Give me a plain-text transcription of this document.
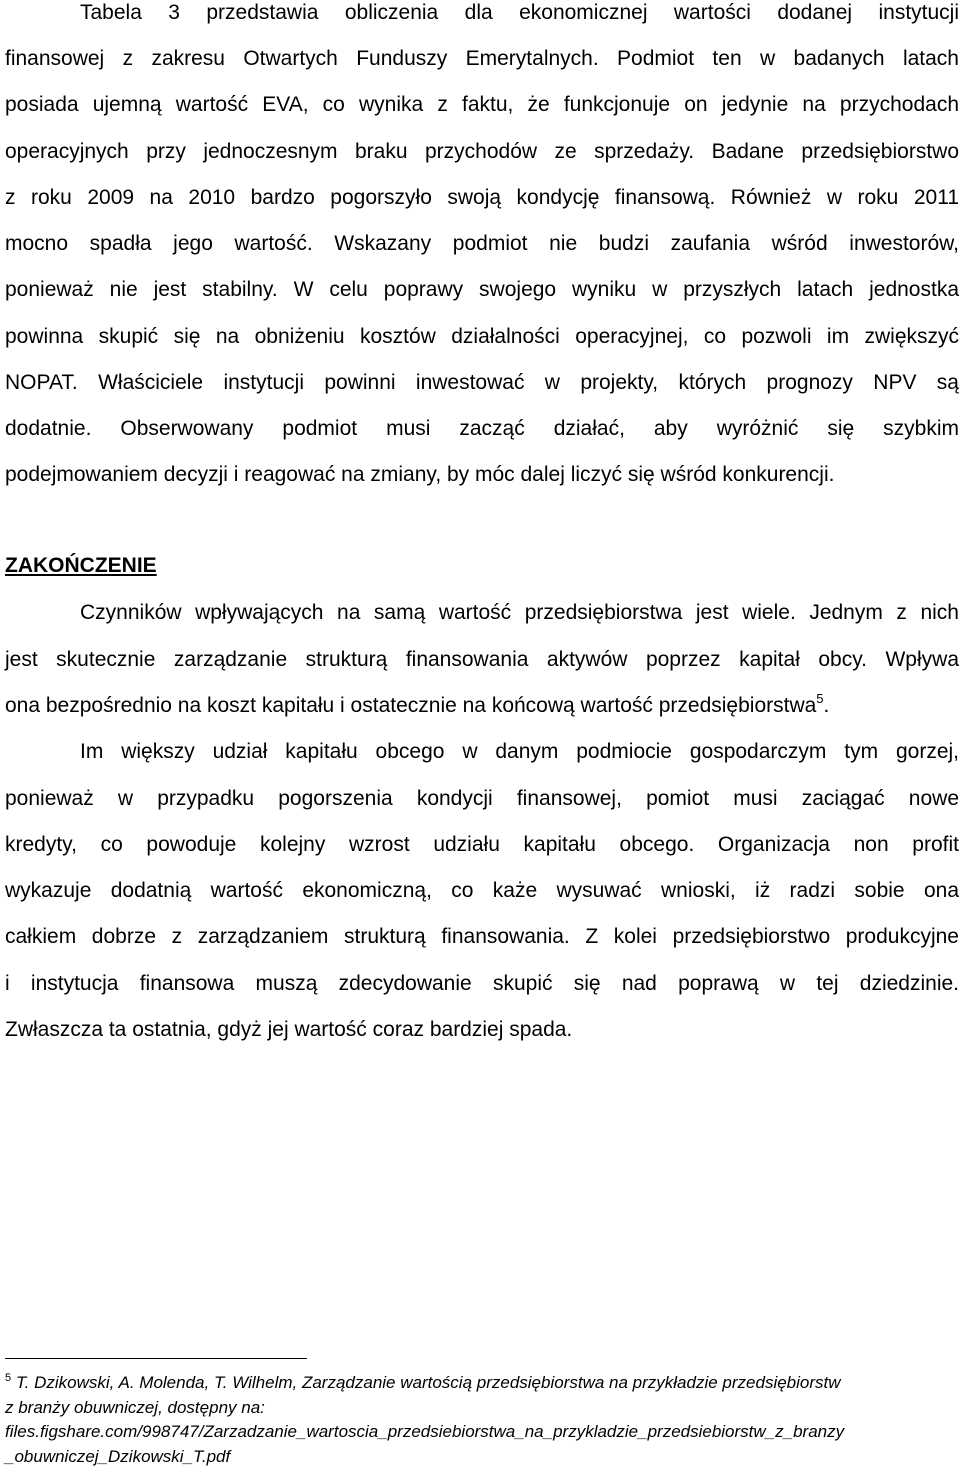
Tabela 3 przedstawia obliczenia dla ekonomicznej wartości dodanej instytucji
finansowej z zakresu Otwartych Funduszy Emerytalnych. Podmiot ten w badanych latach
posiada ujemną wartość EVA, co wynika z faktu, że funkcjonuje on jedynie na przychodach
operacyjnych przy jednoczesnym braku przychodów ze sprzedaży. Badane przedsiębiorstwo
z roku 2009 na 2010 bardzo pogorszyło swoją kondycję finansową. Również w roku 2011
mocno spadła jego wartość. Wskazany podmiot nie budzi zaufania wśród inwestorów,
ponieważ nie jest stabilny. W celu poprawy swojego wyniku w przyszłych latach jednostka
powinna skupić się na obniżeniu kosztów działalności operacyjnej, co pozwoli im zwiększyć
NOPAT. Właściciele instytucji powinni inwestować w projekty, których prognozy NPV są
dodatnie. Obserwowany podmiot musi zacząć działać, aby wyróżnić się szybkim
podejmowaniem decyzji i reagować na zmiany, by móc dalej liczyć się wśród konkurencji.
ZAKOŃCZENIE
Czynników wpływających na samą wartość przedsiębiorstwa jest wiele. Jednym z nich
jest skutecznie zarządzanie strukturą finansowania aktywów poprzez kapitał obcy. Wpływa
ona bezpośrednio na koszt kapitału i ostatecznie na końcową wartość przedsiębiorstwa$^5$.
Im większy udział kapitału obcego w danym podmiocie gospodarczym tym gorzej,
ponieważ w przypadku pogorszenia kondycji finansowej, pomiot musi zaciągać nowe
kredyty, co powoduje kolejny wzrost udziału kapitału obcego. Organizacja non profit
wykazuje dodatnią wartość ekonomiczną, co każe wysuwać wnioski, iż radzi sobie ona
całkiem dobrze z zarządzaniem strukturą finansowania. Z kolei przedsiębiorstwo produkcyjne
i instytucja finansowa muszą zdecydowanie skupić się nad poprawą w tej dziedzinie.
Zwłaszcza ta ostatnia, gdyż jej wartość coraz bardziej spada.
$^5$ T. Dzikowski, A. Molenda, T. Wilhelm, Zarządzanie wartością przedsiębiorstwa na przykładzie przedsiębiorstw
z branży obuwniczej, dostępny na:
files.figshare.com/998747/Zarzadzanie_wartoscia_przedsiebiorstwa_na_przykladzie_przedsiebiorstw_z_branzy
_obuwniczej_Dzikowski_T.pdf
